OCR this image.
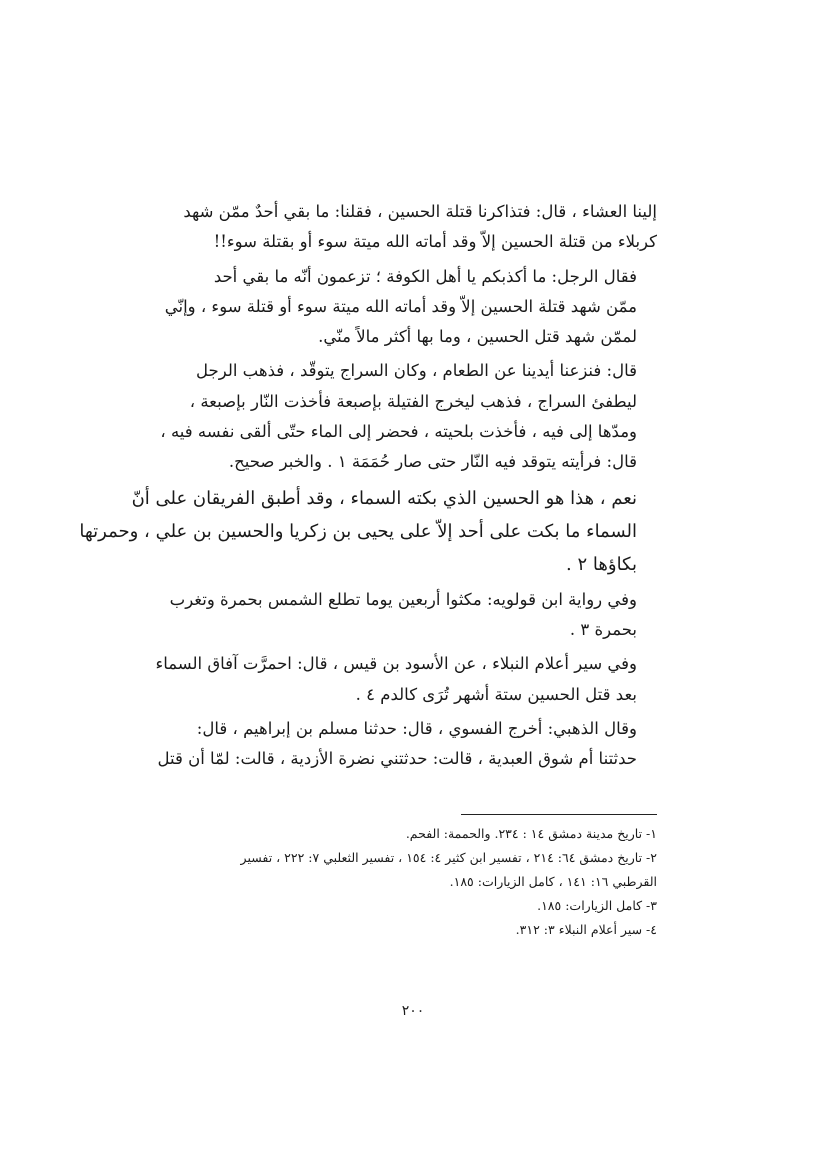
إلينا العشاء ، قال: فتذاكرنا قتلة الحسين ، فقلنا: ما بقي أحدٌ ممّن شهد
كربلاء من قتلة الحسين إلاّ وقد أماته الله ميتة سوء أو بقتلة سوء!!

فقال الرجل: ما أكذبكم يا أهل الكوفة ؛ تزعمون أنّه ما بقي أحد
ممّن شهد قتلة الحسين إلاّ وقد أماته الله ميتة سوء أو قتلة سوء ، وإنّي
لممّن شهد قتل الحسين ، وما بها أكثر مالاً منّي.

قال: فنزعنا أيدينا عن الطعام ، وكان السراج يتوقّد ، فذهب الرجل
ليطفئ السراج ، فذهب ليخرج الفتيلة بإصبعة فأخذت النّار بإصبعة ،
ومدّها إلى فيه ، فأخذت بلحيته ، فحضر إلى الماء حتّى ألقى نفسه فيه ،
قال: فرأيته يتوقد فيه النّار حتى صار حُمَمَة ١ . والخبر صحيح.

نعم ، هذا هو الحسين الذي بكته السماء ، وقد أطبق الفريقان على أنّ
السماء ما بكت على أحد إلاّ على يحيى بن زكريا والحسين بن علي ، وحمرتها
بكاؤها ٢ .

وفي رواية ابن قولويه: مكثوا أربعين يوما تطلع الشمس بحمرة وتغرب
بحمرة ٣ .

وفي سير أعلام النبلاء ، عن الأسود بن قيس ، قال: احمرَّت آفاق السماء
بعد قتل الحسين ستة أشهر تُرَى كالدم ٤ .

وقال الذهبي: أخرج الفسوي ، قال: حدثنا مسلم بن إبراهيم ، قال:
حدثتنا أم شوق العبدية ، قالت: حدثتني نضرة الأزدية ، قالت: لمّا أن قتل

١- تاريخ مدينة دمشق ١٤ : ٢٣٤. والحممة: الفحم.
٢- تاريخ دمشق ٦٤: ٢١٤ ، تفسير ابن كثير ٤: ١٥٤ ، تفسير الثعلبي ٧: ٢٢٢ ، تفسير
القرطبي ١٦: ١٤١ ، كامل الزيارات: ١٨٥.
٣- كامل الزيارات: ١٨٥.
٤- سير أعلام النبلاء ٣: ٣١٢.
٢٠٠
